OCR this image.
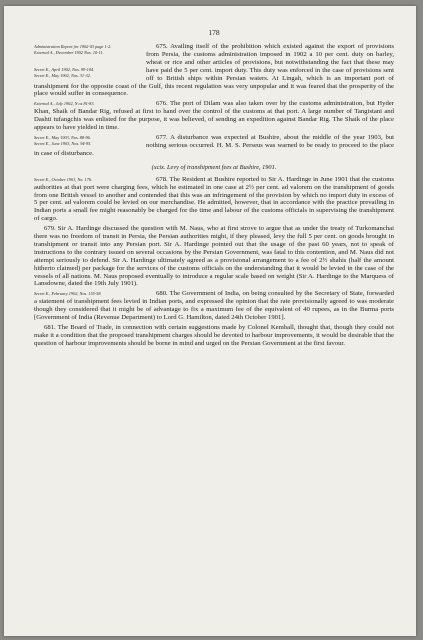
178
Administration Report for 1902-03 page 1-2.
External A., December 1902 Nos. 10-11.
Secret E., April 1902, Nos. 99-104.
Secret E., May 1902, Nos. 31-32.

675. Availing itself of the prohibition which existed against the export of provisions from Persia, the customs administration imposed in 1902 a 10 per cent. duty on barley, wheat or rice and other articles of provisions, but notwithstanding the fact that these may have paid the 5 per cent. import duty. This duty was enforced in the case of provisions sent off to British ships within Persian waters. At Lingah, which is an important port of transhipment for the opposite coast of the Gulf, this recent regulation was very unpopular and it was feared that the prosperity of the place would suffer in consequence.

External A., July 1902, N os 81-83.	676. The port of Dilam was also taken over by the customs administration, but Hyder Khan, Shaik of Bandar Rig, refused at first to hand over the control of the customs at that port. A large number of Tangistani and Dashti tufangchis was enlisted for the purpose, it was believed, of sending an expedition against Bandar Rig. The Shaik of the place appears to have yielded in time.

Secret E., May 1903, Nos. 88-96.
Secret E., June 1903, Nos. 94-95.

677. A disturbance was expected at Bushire, about the middle of the year 1903, but nothing serious occurred. H. M. S. Perseus was warned to be ready to proceed to the place in case of disturbance.

(xcix. Levy of transhipment fees at Bushire, 1901.
Secret E., October 1901, No. 176.	678. The Resident at Bushire reported to Sir A. Hardinge in June 1901 that the customs authorities at that port were charging fees, which he estimated in one case at 2½ per cent. ad valorem on the transhipment of goods from one British vessel to another and contended that this was an infringement of the provision by which no import duty in excess of 5 per cent. ad valorem could be levied on our merchandise. He admitted, however, that in accordance with the practice prevailing in Indian ports a small fee might reasonably be charged for the time and labour of the customs officials in supervising the transhipment of cargo.

679. Sir A. Hardinge discussed the question with M. Naus, who at first strove to argue that as under the treaty of Turkomanchai there was no freedom of transit in Persia, the Persian authorities might, if they pleased, levy the full 5 per cent. on goods brought in transhipment or transit into any Persian port. Sir A. Hardinge pointed out that the usage of the past 60 years, not to speak of instructions to the contrary issued on several occasions by the Persian Government, was fatal to this contention, and M. Naus did not attempt seriously to defend. Sir A. Hardinge ultimately agreed as a provisional arrangement to a fee of 2½ shahis (half the amount hitherto claimed) per package for the services of the customs officials on the understanding that it would be levied in the case of the vessels of all nations. M. Naus proposed eventually to introduce a regular scale based on weight (Sir A. Hardinge to the Marquess of Lansdowne, dated the 19th July 1901).

Secret E., February 1902, Nos. 155-58.	680. The Government of India, on being consulted by the Secretary of State, forwarded a statement of transhipment fees levied in Indian ports, and expressed the opinion that the rate provisionally agreed to was moderate though they considered that it might be of advantage to fix a maximum fee of the equivalent of 40 rupees, as in the Burma ports [Government of India (Revenue Department) to Lord G. Hamilton, dated 24th October 1901].

681. The Board of Trade, in connection with certain suggestions made by Colonel Kemball, thought that, though they could not make it a condition that the proposed transhipment charges should be devoted to harbour improvements, it would be desirable that the question of harbour improvements should be borne in mind and urged on the Persian Government at the first favour.
